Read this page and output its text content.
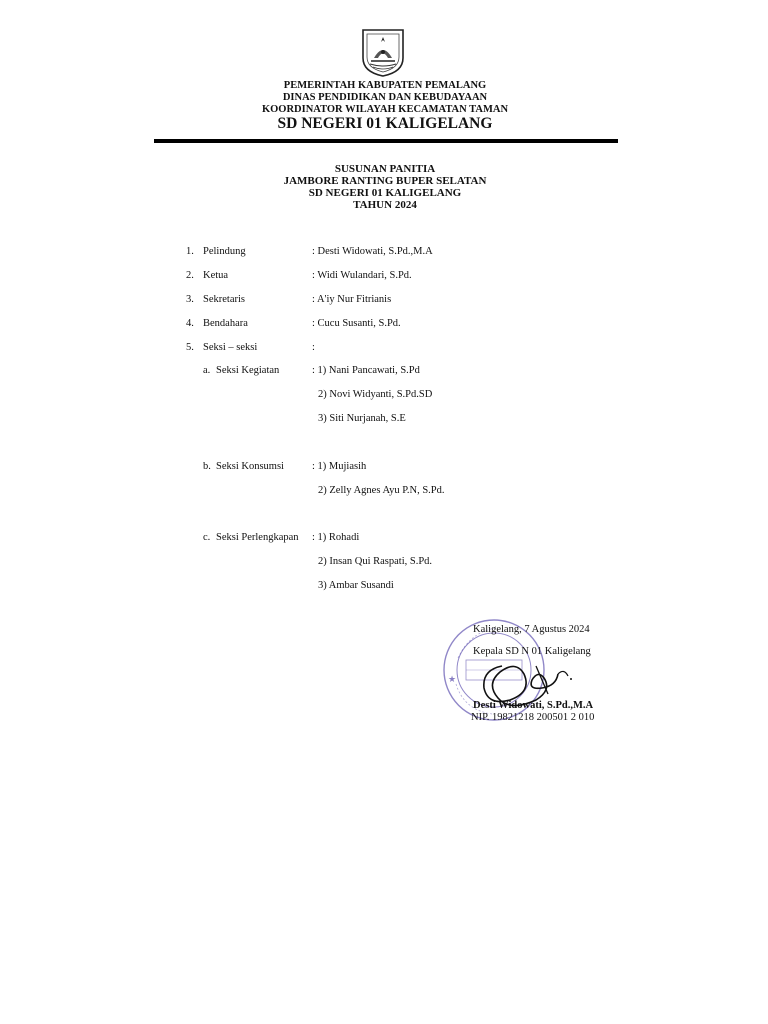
PEMERINTAH KABUPATEN PEMALANG
DINAS PENDIDIKAN DAN KEBUDAYAAN
KOORDINATOR WILAYAH KECAMATAN TAMAN
SD NEGERI 01 KALIGELANG
SUSUNAN PANITIA
JAMBORE RANTING BUPER SELATAN
SD NEGERI 01 KALIGELANG
TAHUN 2024
1. Pelindung	: Desti Widowati, S.Pd.,M.A
2. Ketua	: Widi Wulandari, S.Pd.
3. Sekretaris	: A'iy Nur Fitrianis
4. Bendahara	: Cucu Susanti, S.Pd.
5. Seksi – seksi	:
a. Seksi Kegiatan	: 1) Nani Pancawati, S.Pd
2) Novi Widyanti, S.Pd.SD
3) Siti Nurjanah, S.E
b. Seksi Konsumsi	: 1) Mujiasih
2) Zelly Agnes Ayu P.N, S.Pd.
c. Seksi Perlengkapan : 1) Rohadi
2) Insan Qui Raspati, S.Pd.
3) Ambar Susandi
★
Kaligelang, 7 Agustus 2024
Kepala SD N 01 Kaligelang
Desti Widowati, S.Pd.,M.A
NIP. 19821218 200501 2 010
